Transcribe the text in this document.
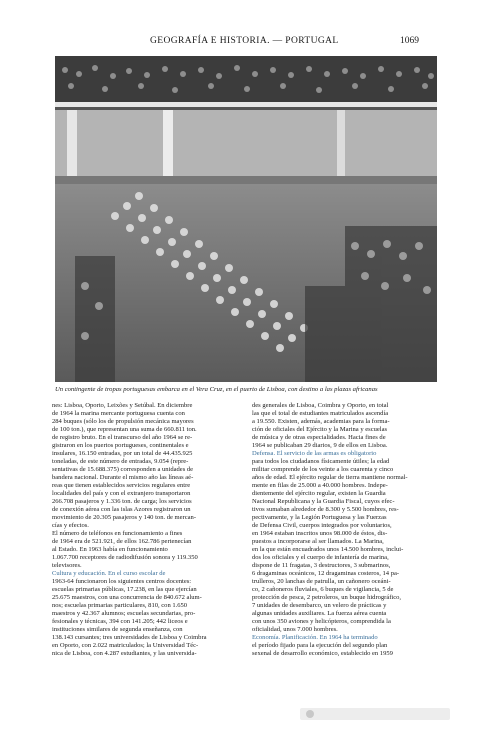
GEOGRAFÍA E HISTORIA. — PORTUGAL	1069
Un contingente de tropas portuguesas embarca en el Vera Cruz, en el puerto de Lisboa, con destino a las plazas africanas
nes: Lisboa, Oporto, Leixões y Setúbal. En diciembre
de 1964 la marina mercante portuguesa cuenta con
284 buques (sólo los de propulsión mecánica mayores
de 100 ton.), que representan una suma de 660.811 ton.
de registro bruto. En el transcurso del año 1964 se re-
gistraron en los puertos portugueses, continentales e
insulares, 16.150 entradas, por un total de 44.435.925
toneladas, de este número de entradas, 9.054 (repre-
sentativas de 15.688.375) corresponden a unidades de
bandera nacional. Durante el mismo año las líneas aé-
reas que tienen establecidos servicios regulares entre
localidades del país y con el extranjero transportaron
266.708 pasajeros y 1.336 ton. de carga; los servicios
de conexión aérea con las islas Azores registraron un
movimiento de 20.305 pasajeros y 140 ton. de mercan-
cías y efectos.
El número de teléfonos en funcionamiento a fines
de 1964 era de 521.921, de ellos 162.786 pertenecían
al Estado. En 1963 había en funcionamiento
1.067.700 receptores de radiodifusión sonora y 119.350
televisores.
Cultura y educación. En el curso escolar de
1963-64 funcionaron los siguientes centros docentes:
escuelas primarias públicas, 17.238, en las que ejercían
25.675 maestros, con una concurrencia de 840.672 alum-
nos; escuelas primarias particulares, 810, con 1.650
maestros y 42.367 alumnos; escuelas secundarias, pro-
fesionales y técnicas, 394 con 141.205; 442 liceos e
instituciones similares de segunda enseñanza, con
138.143 cursantes; tres universidades de Lisboa y Coimbra
en Oporto, con 2.022 matriculados; la Universidad Téc-
nica de Lisboa, con 4.287 estudiantes, y las universida-
des generales de Lisboa, Coimbra y Oporto, en total
las que el total de estudiantes matriculados ascendía
a 19.550. Existen, además, academias para la forma-
ción de oficiales del Ejército y la Marina y escuelas
de música y de otras especialidades. Hacia fines de
1964 se publicaban 29 diarios, 9 de ellos en Lisboa.
Defensa. El servicio de las armas es obligatorio
para todos los ciudadanos físicamente útiles; la edad
militar comprende de los veinte a los cuarenta y cinco
años de edad. El ejército regular de tierra mantiene normal-
mente en filas de 25.000 a 40.000 hombres. Indepe-
dientemente del ejército regular, existen la Guardia
Nacional Republicana y la Guardia Fiscal, cuyos efec-
tivos sumaban alrededor de 8.300 y 5.500 hombres, res-
pectivamente, y la Legión Portuguesa y las Fuerzas
de Defensa Civil, cuerpos integrados por voluntarios,
en 1964 estaban inscritos unos 98.000 de éstos, dis-
puestos a incorporarse al ser llamados. La Marina,
en la que están encuadrados unos 14.500 hombres, inclui-
dos los oficiales y el cuerpo de infantería de marina,
dispone de 11 fragatas, 3 destructores, 3 submarinos,
6 dragaminas oceánicos, 12 dragaminas costeros, 14 pa-
trulleros, 20 lanchas de patrulla, un cañonero oceáni-
co, 2 cañoneros fluviales, 6 buques de vigilancia, 5 de
protección de pesca, 2 petroleros, un buque hidrográfico,
7 unidades de desembarco, un velero de prácticas y
algunas unidades auxiliares. La fuerza aérea cuenta
con unos 350 aviones y helicópteros, comprendida la
oficialidad, unos 7.000 hombres.
Economía. Planificación. En 1964 ha terminado
el período fijado para la ejecución del segundo plan
sexenal de desarrollo económico, establecido en 1959
